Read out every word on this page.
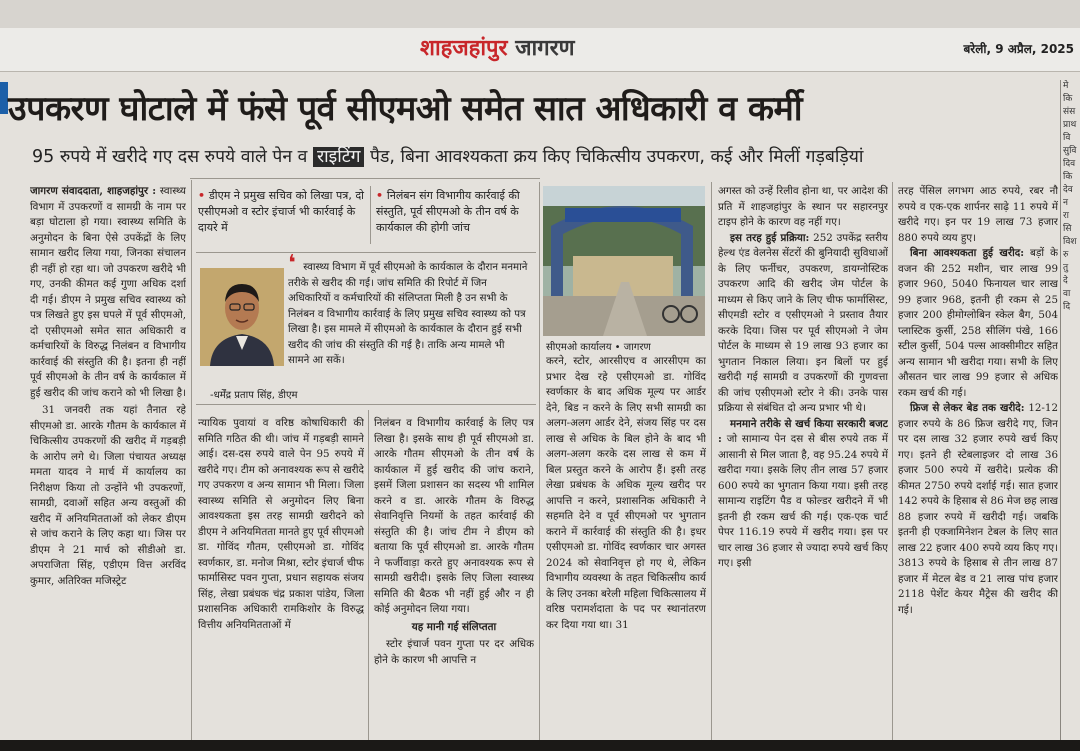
शाहजहांपुर जागरण	बरेली, 9 अप्रैल, 2025
उपकरण घोटाले में फंसे पूर्व सीएमओ समेत सात अधिकारी व कर्मी
95 रुपये में खरीदे गए दस रुपये वाले पेन व राइटिंग पैड, बिना आवश्यकता क्रय किए चिकित्सीय उपकरण, कई और मिलीं गड़बड़ियां

जागरण संवाददाता, शाहजहांपुर : स्वास्थ्य विभाग में उपकरणों व सामग्री के नाम पर बड़ा घोटाला हो गया। स्वास्थ्य समिति के अनुमोदन के बिना ऐसे उपकेंद्रों के लिए सामान खरीद लिया गया, जिनका संचालन ही नहीं हो रहा था। जो उपकरण खरीदे भी गए, उनकी कीमत कई गुणा अधिक दर्शा दी गई। डीएम ने प्रमुख सचिव स्वास्थ्य को पत्र लिखते हुए इस घपले में पूर्व सीएमओ, दो एसीएमओ समेत सात अधिकारी व कर्मचारियों के विरुद्ध निलंबन व विभागीय कार्रवाई की संस्तुति की है। इतना ही नहीं पूर्व सीएमओ के तीन वर्ष के कार्यकाल में हुई खरीद की जांच कराने को भी लिखा है।

31 जनवरी तक यहां तैनात रहे सीएमओ डा. आरके गौतम के कार्यकाल में चिकित्सीय उपकरणों की खरीद में गड़बड़ी के आरोप लगे थे। जिला पंचायत अध्यक्ष ममता यादव ने मार्च में कार्यालय का निरीक्षण किया तो उन्होंने भी उपकरणों, सामग्री, दवाओं सहित अन्य वस्तुओं की खरीद में अनियमितताओं को लेकर डीएम से जांच कराने के लिए कहा था। जिस पर डीएम ने 21 मार्च को सीडीओ डा. अपराजिता सिंह, एडीएम वित्त अरविंद कुमार, अतिरिक्त मजिस्ट्रेट

• डीएम ने प्रमुख सचिव को लिखा पत्र, दो एसीएमओ व स्टोर इंचार्ज भी कार्रवाई के दायरे में
• निलंबन संग विभागीय कार्रवाई की संस्तुति, पूर्व सीएमओ के तीन वर्ष के कार्यकाल की होगी जांच
❛ स्वास्थ्य विभाग में पूर्व सीएमओ के कार्यकाल के दौरान मनमाने तरीके से खरीद की गई। जांच समिति की रिपोर्ट में जिन अधिकारियों व कर्मचारियों की संलिप्तता मिली है उन सभी के निलंबन व विभागीय कार्रवाई के लिए प्रमुख सचिव स्वास्थ्य को पत्र लिखा है। इस मामले में सीएमओ के कार्यकाल के दौरान हुई सभी खरीद की जांच की संस्तुति की गई है। ताकि अन्य मामले भी सामने आ सकें।
-धर्मेंद्र प्रताप सिंह, डीएम

न्यायिक पुवायां व वरिष्ठ कोषाधिकारी की समिति गठित की थी। जांच में गड़बड़ी सामने आई। दस-दस रुपये वाले पेन 95 रुपये में खरीदे गए। टीम को अनावश्यक रूप से खरीदे गए उपकरण व अन्य सामान भी मिला। जिला स्वास्थ्य समिति से अनुमोदन लिए बिना आवश्यकता इस तरह सामग्री खरीदने को डीएम ने अनियमितता मानते हुए पूर्व सीएमओ डा. गोविंद गौतम, एसीएमओ डा. गोविंद स्वर्णकार, डा. मनोज मिश्रा, स्टोर इंचार्ज चीफ फार्मासिस्ट पवन गुप्ता, प्रधान सहायक संजय सिंह, लेखा प्रबंधक चंद्र प्रकाश पांडेय, जिला प्रशासनिक अधिकारी रामकिशोर के विरुद्ध वित्तीय अनियमितताओं में

निलंबन व विभागीय कार्रवाई के लिए पत्र लिखा है। इसके साथ ही पूर्व सीएमओ डा. आरके गौतम सीएमओ के तीन वर्ष के कार्यकाल में हुई खरीद की जांच कराने, इसमें जिला प्रशासन का सदस्य भी शामिल करने व डा. आरके गौतम के विरुद्ध सेवानिवृत्ति नियमों के तहत कार्रवाई की संस्तुति की है। जांच टीम ने डीएम को बताया कि पूर्व सीएमओ डा. आरके गौतम ने फर्जीवाड़ा करते हुए अनावश्यक रूप से सामग्री खरीदी। इसके लिए जिला स्वास्थ्य समिति की बैठक भी नहीं हुई और न ही कोई अनुमोदन लिया गया।

यह मानी गई संलिप्तता

स्टोर इंचार्ज पवन गुप्ता पर दर अधिक होने के कारण भी आपत्ति न

सीएमओ कार्यालय • जागरण

करने, स्टोर, आरसीएच व आरसीएम का प्रभार देख रहे एसीएमओ डा. गोविंद स्वर्णकार के बाद अधिक मूल्य पर आर्डर देने, बिड न करने के लिए सभी सामग्री का अलग-अलग आर्डर देने, संजय सिंह पर दस लाख से अधिक के बिल होने के बाद भी अलग-अलग करके दस लाख से कम में बिल प्रस्तुत करने के आरोप हैं। इसी तरह लेखा प्रबंधक के अधिक मूल्य खरीद पर आपत्ति न करने, प्रशासनिक अधिकारी ने सहमति देने व पूर्व सीएमओ पर भुगतान कराने में कार्रवाई की संस्तुति की है। इधर एसीएमओ डा. गोविंद स्वर्णकार चार अगस्त 2024 को सेवानिवृत्त हो गए थे, लेकिन विभागीय व्यवस्था के तहत चिकित्सीय कार्य के लिए उनका बरेली महिला चिकित्सालय में वरिष्ठ परामर्शदाता के पद पर स्थानांतरण कर दिया गया था। 31

अगस्त को उन्हें रिलीव होना था, पर आदेश की प्रति में शाहजहांपुर के स्थान पर सहारनपुर टाइप होने के कारण वह नहीं गए।

इस तरह हुई प्रक्रिया: 252 उपकेंद्र स्तरीय हेल्थ एंड वेलनेस सेंटरों की बुनियादी सुविधाओं के लिए फर्नीचर, उपकरण, डायग्नोस्टिक उपकरण आदि की खरीद जेम पोर्टल के माध्यम से किए जाने के लिए चीफ फार्मासिस्ट, सीएमडी स्टोर व एसीएमओ ने प्रस्ताव तैयार करके दिया। जिस पर पूर्व सीएमओ ने जेम पोर्टल के माध्यम से 19 लाख 93 हजार का भुगतान निकाल लिया। इन बिलों पर हुई खरीदी गई सामग्री व उपकरणों की गुणवत्ता की जांच एसीएमओ स्टोर ने की। उनके पास प्रक्रिया से संबंधित दो अन्य प्रभार भी थे।

मनमाने तरीके से खर्च किया सरकारी बजट : जो सामान्य पेन दस से बीस रुपये तक में आसानी से मिल जाता है, वह 95.24 रुपये में खरीदा गया। इसके लिए तीन लाख 57 हजार 600 रुपये का भुगतान किया गया। इसी तरह सामान्य राइटिंग पैड व फोल्डर खरीदने में भी इतनी ही रकम खर्च की गई। एक-एक चार्ट पेपर 116.19 रुपये में खरीद गया। इस पर चार लाख 36 हजार से ज्यादा रुपये खर्च किए गए। इसी

तरह पेंसिल लगभग आठ रुपये, रबर नौ रुपये व एक-एक शार्पनर साढ़े 11 रुपये में खरीदे गए। इन पर 19 लाख 73 हजार 880 रुपये व्यय हुए।

बिना आवश्यकता हुई खरीद: बड़ों के वजन की 252 मशीन, चार लाख 99 हजार 960, 5040 फिनायल चार लाख 99 हजार 968, इतनी ही रकम से 25 हजार 200 हीमोग्लोबिन स्केल बैग, 504 प्लास्टिक कुर्सी, 258 सीलिंग पंखे, 166 स्टील कुर्सी, 504 पल्स आक्सीमीटर सहित अन्य सामान भी खरीदा गया। सभी के लिए औसतन चार लाख 99 हजार से अधिक रकम खर्च की गई।

फ्रिज से लेकर बेड तक खरीदे: 12-12 हजार रुपये के 86 फ्रिज खरीदे गए, जिन पर दस लाख 32 हजार रुपये खर्च किए गए। इतने ही स्टेबलाइजर दो लाख 36 हजार 500 रुपये में खरीदे। प्रत्येक की कीमत 2750 रुपये दर्शाई गई। सात हजार 142 रुपये के हिसाब से 86 मेज छह लाख 88 हजार रुपये में खरीदी गई। जबकि इतनी ही एक्जामिनेशन टेबल के लिए सात लाख 22 हजार 400 रुपये व्यय किए गए। 3813 रुपये के हिसाब से तीन लाख 87 हजार में मेटल बेड व 21 लाख पांच हजार 2118 पेशेंट केयर मैट्रेस की खरीद की गई।

मे
कि
संस
प्राथ
वि
सुवि
दिव
कि
देव
न
रा
सि
विश
रु
तु
दे
वा
दि
